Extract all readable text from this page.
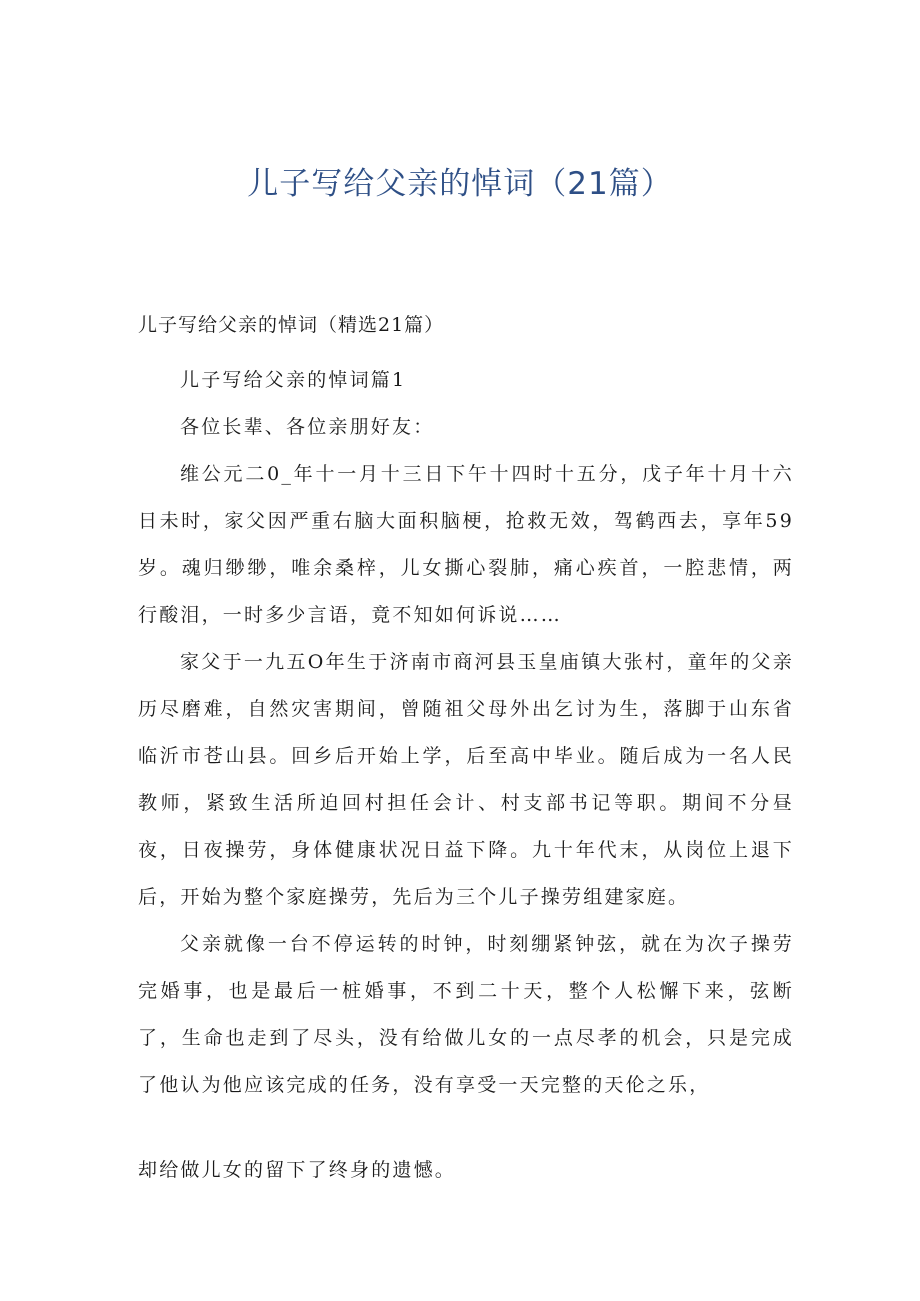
儿子写给父亲的悼词（21篇）
儿子写给父亲的悼词（精选21篇）

儿子写给父亲的悼词篇1

各位长辈、各位亲朋好友：

维公元二0_年十一月十三日下午十四时十五分，戊子年十月十六日未时，家父因严重右脑大面积脑梗，抢救无效，驾鹤西去，享年59岁。魂归缈缈，唯余桑梓，儿女撕心裂肺，痛心疾首，一腔悲情，两行酸泪，一时多少言语，竟不知如何诉说……

家父于一九五O年生于济南市商河县玉皇庙镇大张村，童年的父亲历尽磨难，自然灾害期间，曾随祖父母外出乞讨为生，落脚于山东省临沂市苍山县。回乡后开始上学，后至高中毕业。随后成为一名人民教师，紧致生活所迫回村担任会计、村支部书记等职。期间不分昼夜，日夜操劳，身体健康状况日益下降。九十年代末，从岗位上退下后，开始为整个家庭操劳，先后为三个儿子操劳组建家庭。

父亲就像一台不停运转的时钟，时刻绷紧钟弦，就在为次子操劳完婚事，也是最后一桩婚事，不到二十天，整个人松懈下来，弦断了，生命也走到了尽头，没有给做儿女的一点尽孝的机会，只是完成了他认为他应该完成的任务，没有享受一天完整的天伦之乐，

却给做儿女的留下了终身的遗憾。
